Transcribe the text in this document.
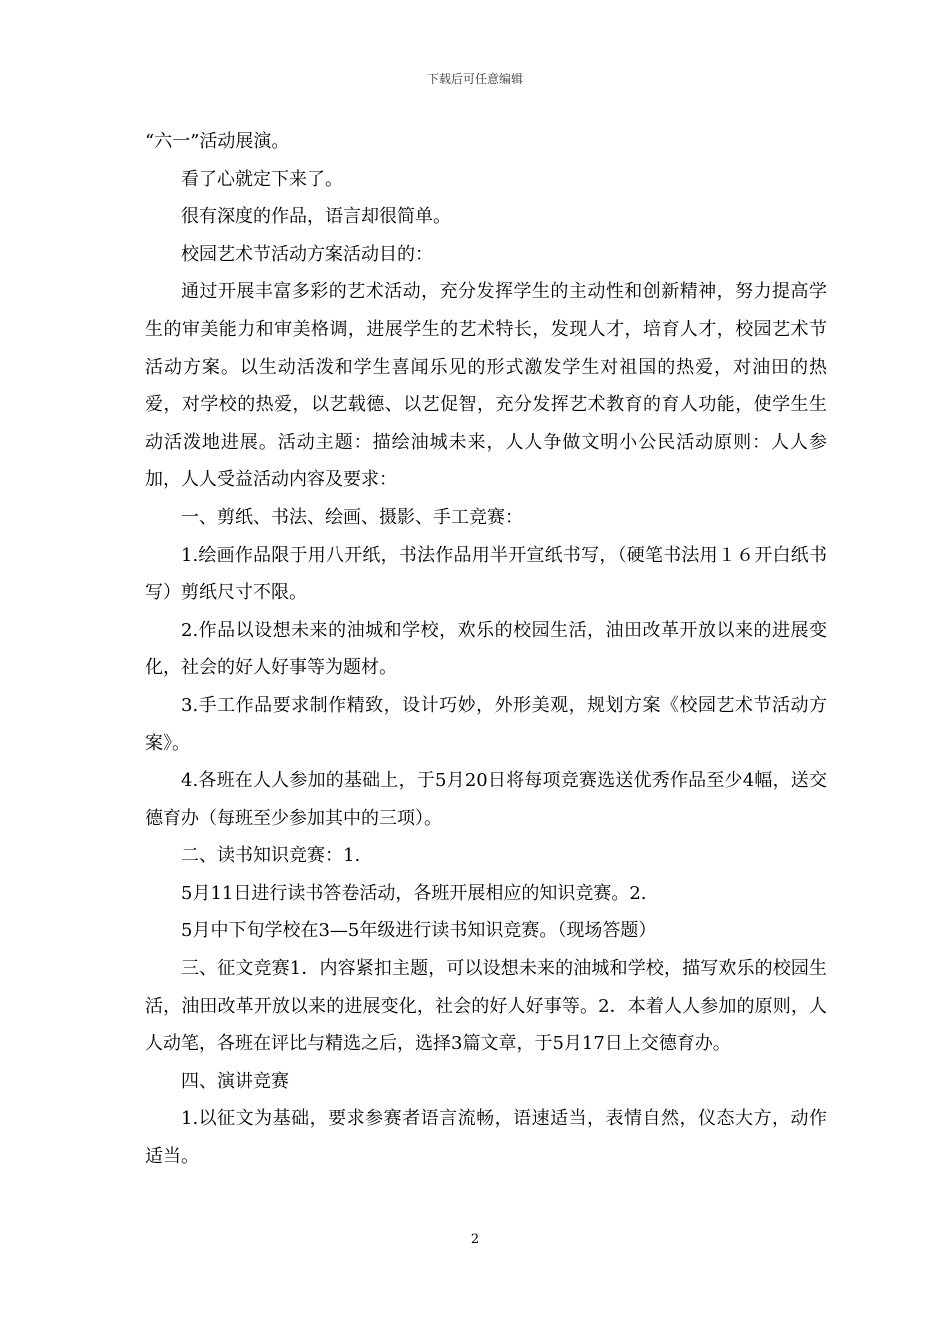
下载后可任意编辑

“六一”活动展演。

看了心就定下来了。

很有深度的作品，语言却很简单。

校园艺术节活动方案活动目的：

通过开展丰富多彩的艺术活动，充分发挥学生的主动性和创新精神，努力提高学生的审美能力和审美格调，进展学生的艺术特长，发现人才，培育人才，校园艺术节活动方案。以生动活泼和学生喜闻乐见的形式激发学生对祖国的热爱，对油田的热爱，对学校的热爱，以艺载德、以艺促智，充分发挥艺术教育的育人功能，使学生生动活泼地进展。活动主题：描绘油城未来，人人争做文明小公民活动原则：人人参加，人人受益活动内容及要求：

一、剪纸、书法、绘画、摄影、手工竞赛：

1.绘画作品限于用八开纸，书法作品用半开宣纸书写，（硬笔书法用１６开白纸书写）剪纸尺寸不限。

2.作品以设想未来的油城和学校，欢乐的校园生活，油田改革开放以来的进展变化，社会的好人好事等为题材。

3.手工作品要求制作精致，设计巧妙，外形美观，规划方案《校园艺术节活动方案》。

4.各班在人人参加的基础上，于5月20日将每项竞赛选送优秀作品至少4幅，送交德育办（每班至少参加其中的三项）。

二、读书知识竞赛：1.

5月11日进行读书答卷活动，各班开展相应的知识竞赛。2.

5月中下旬学校在3—5年级进行读书知识竞赛。（现场答题）

三、征文竞赛1．内容紧扣主题，可以设想未来的油城和学校，描写欢乐的校园生活，油田改革开放以来的进展变化，社会的好人好事等。2．本着人人参加的原则，人人动笔，各班在评比与精选之后，选择3篇文章，于5月17日上交德育办。

四、演讲竞赛

1.以征文为基础，要求参赛者语言流畅，语速适当，表情自然，仪态大方，动作适当。

2
